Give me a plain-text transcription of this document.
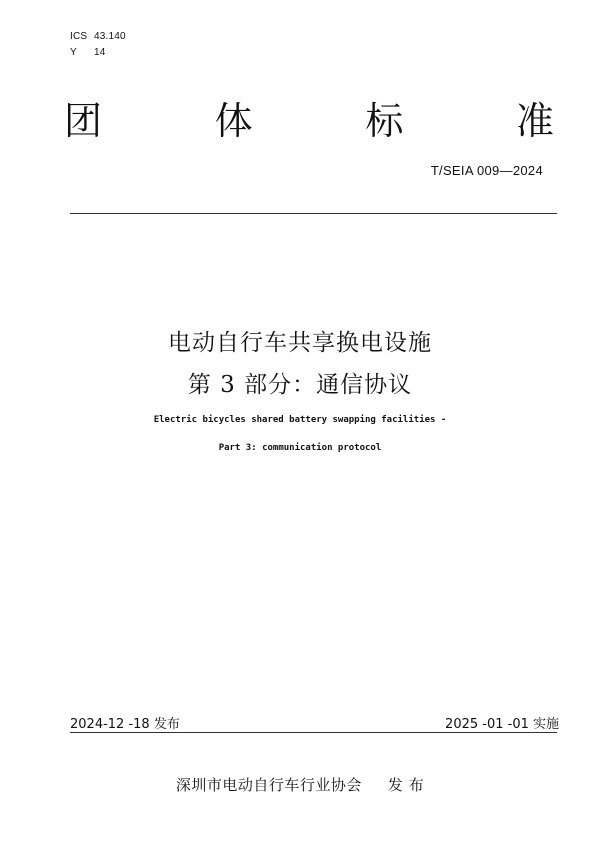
ICS 43.140
Y	14
团	体	标	准
T/SEIA 009—2024
电动自行车共享换电设施
第 3 部分：通信协议
Electric bicycles shared battery swapping facilities -
Part 3: communication protocol
2024-12 -18 发布	2025 -01 -01 实施
深圳市电动自行车行业协会 发 布
